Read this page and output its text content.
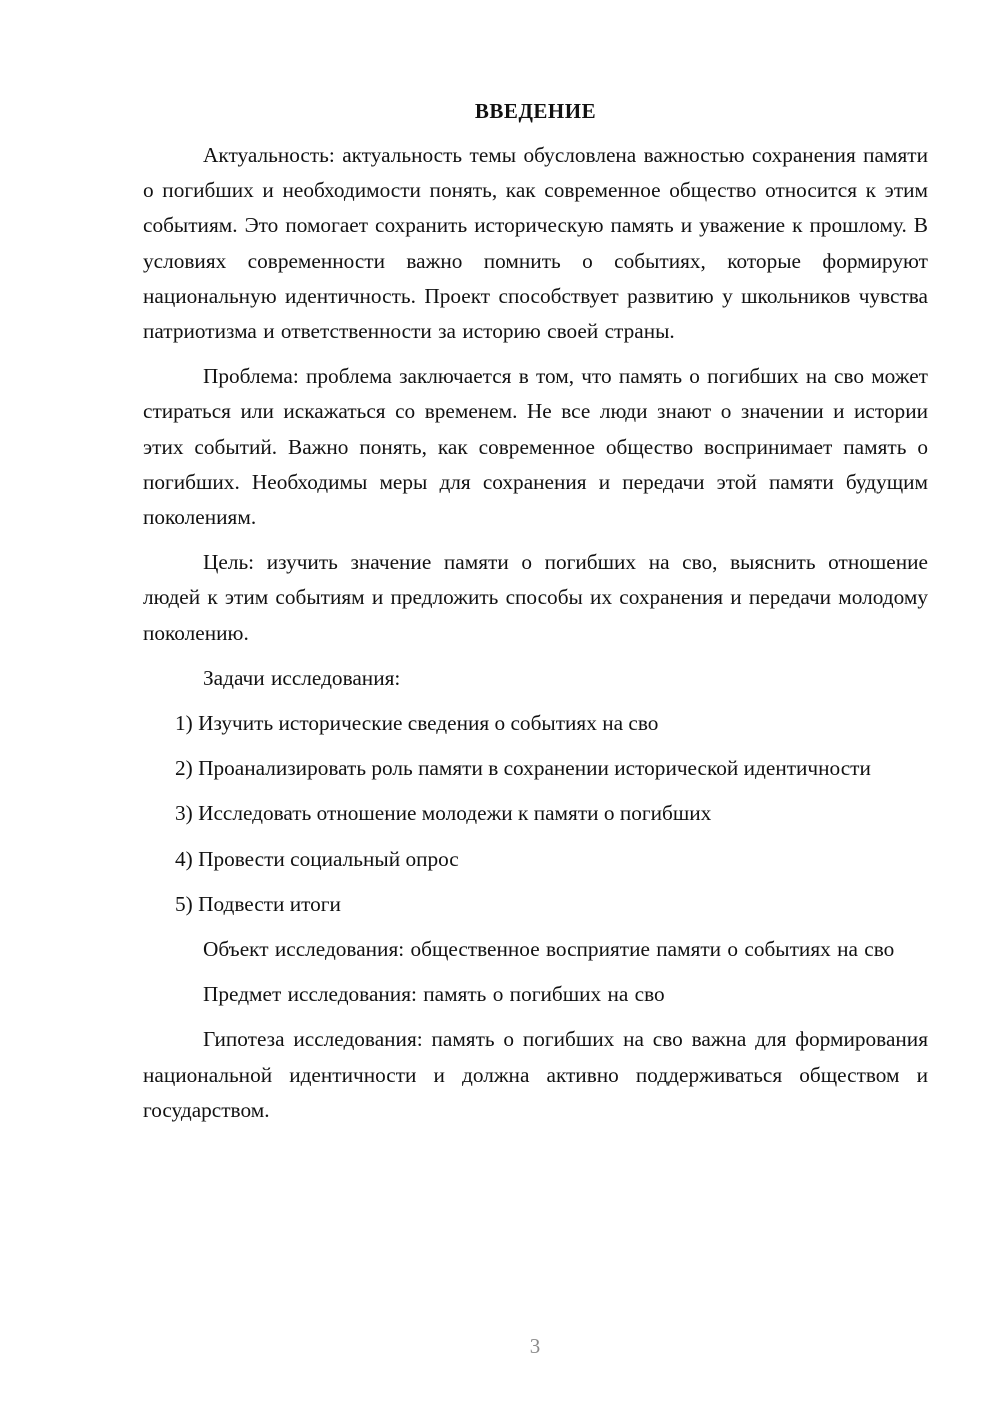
ВВЕДЕНИЕ

Актуальность: актуальность темы обусловлена важностью сохранения памяти о погибших и необходимости понять, как современное общество относится к этим событиям. Это помогает сохранить историческую память и уважение к прошлому. В условиях современности важно помнить о событиях, которые формируют национальную идентичность. Проект способствует развитию у школьников чувства патриотизма и ответственности за историю своей страны.

Проблема: проблема заключается в том, что память о погибших на сво может стираться или искажаться со временем. Не все люди знают о значении и истории этих событий. Важно понять, как современное общество воспринимает память о погибших. Необходимы меры для сохранения и передачи этой памяти будущим поколениям.

Цель: изучить значение памяти о погибших на сво, выяснить отношение людей к этим событиям и предложить способы их сохранения и передачи молодому поколению.

Задачи исследования:

1) Изучить исторические сведения о событиях на сво

2) Проанализировать роль памяти в сохранении исторической идентичности

3) Исследовать отношение молодежи к памяти о погибших

4) Провести социальный опрос

5) Подвести итоги

Объект исследования: общественное восприятие памяти о событиях на сво

Предмет исследования: память о погибших на сво

Гипотеза исследования: память о погибших на сво важна для формирования национальной идентичности и должна активно поддерживаться обществом и государством.

3
